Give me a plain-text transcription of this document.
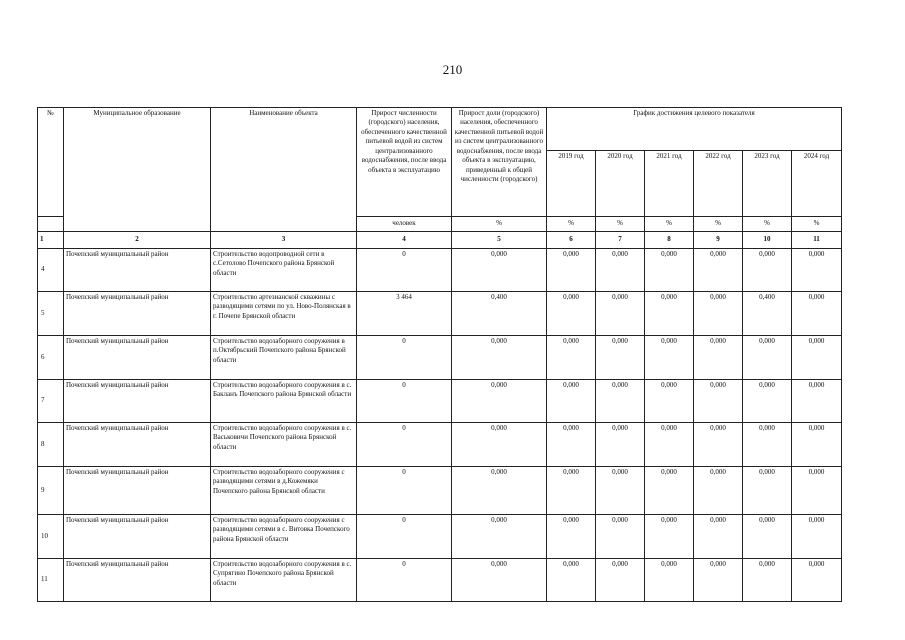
210
№	Муниципальное образование	Наименование объекта	Прирост численности (городского) населения, обеспеченного качественной питьевой водой из систем централизованного водоснабжения, после ввода объекта в эксплуатацию	Прирост доли (городского) населения, обеспеченного качественной питьевой водой из систем централизованного водоснабжения, после ввода объекта в эксплуатацию, приведенный к общей численности (городского)	График достижения целевого показателя					
					2019 год	2020 год	2021 год	2022 год	2023 год	2024 год
			человек	%	%	%	%	%	%	%
1	2	3	4	5	6	7	8	9	10	11
4	Почепский муниципальный район	Строительство водопроводной сети в с.Сетолово Почепского района Брянской области	0	0,000	0,000	0,000	0,000	0,000	0,000	0,000
5	Почепский муниципальный район	Строительство артезианской скважины с разводящими сетями по ул. Ново-Полянская в г. Почепе Брянской области	3 464	0,400	0,000	0,000	0,000	0,000	0,400	0,000
6	Почепский муниципальный район	Строительство водозаборного сооружения в п.Октябрьский Почепского района Брянской области	0	0,000	0,000	0,000	0,000	0,000	0,000	0,000
7	Почепский муниципальный район	Строительство водозаборного сооружения в с. Бакланъ Почепского района Брянской области	0	0,000	0,000	0,000	0,000	0,000	0,000	0,000
8	Почепский муниципальный район	Строительство водозаборного сооружения в с. Васьковичи Почепского района Брянской области	0	0,000	0,000	0,000	0,000	0,000	0,000	0,000
9	Почепский муниципальный район	Строительство водозаборного сооружения с разводящими сетями в д.Кожемяки Почепского района Брянской области	0	0,000	0,000	0,000	0,000	0,000	0,000	0,000
10	Почепский муниципальный район	Строительство водозаборного сооружения с разводящими сетями в с. Витовка Почепского района Брянской области	0	0,000	0,000	0,000	0,000	0,000	0,000	0,000
11	Почепский муниципальный район	Строительство водозаборного сооружения в с. Супрягино Почепского района Брянской области	0	0,000	0,000	0,000	0,000	0,000	0,000	0,000
